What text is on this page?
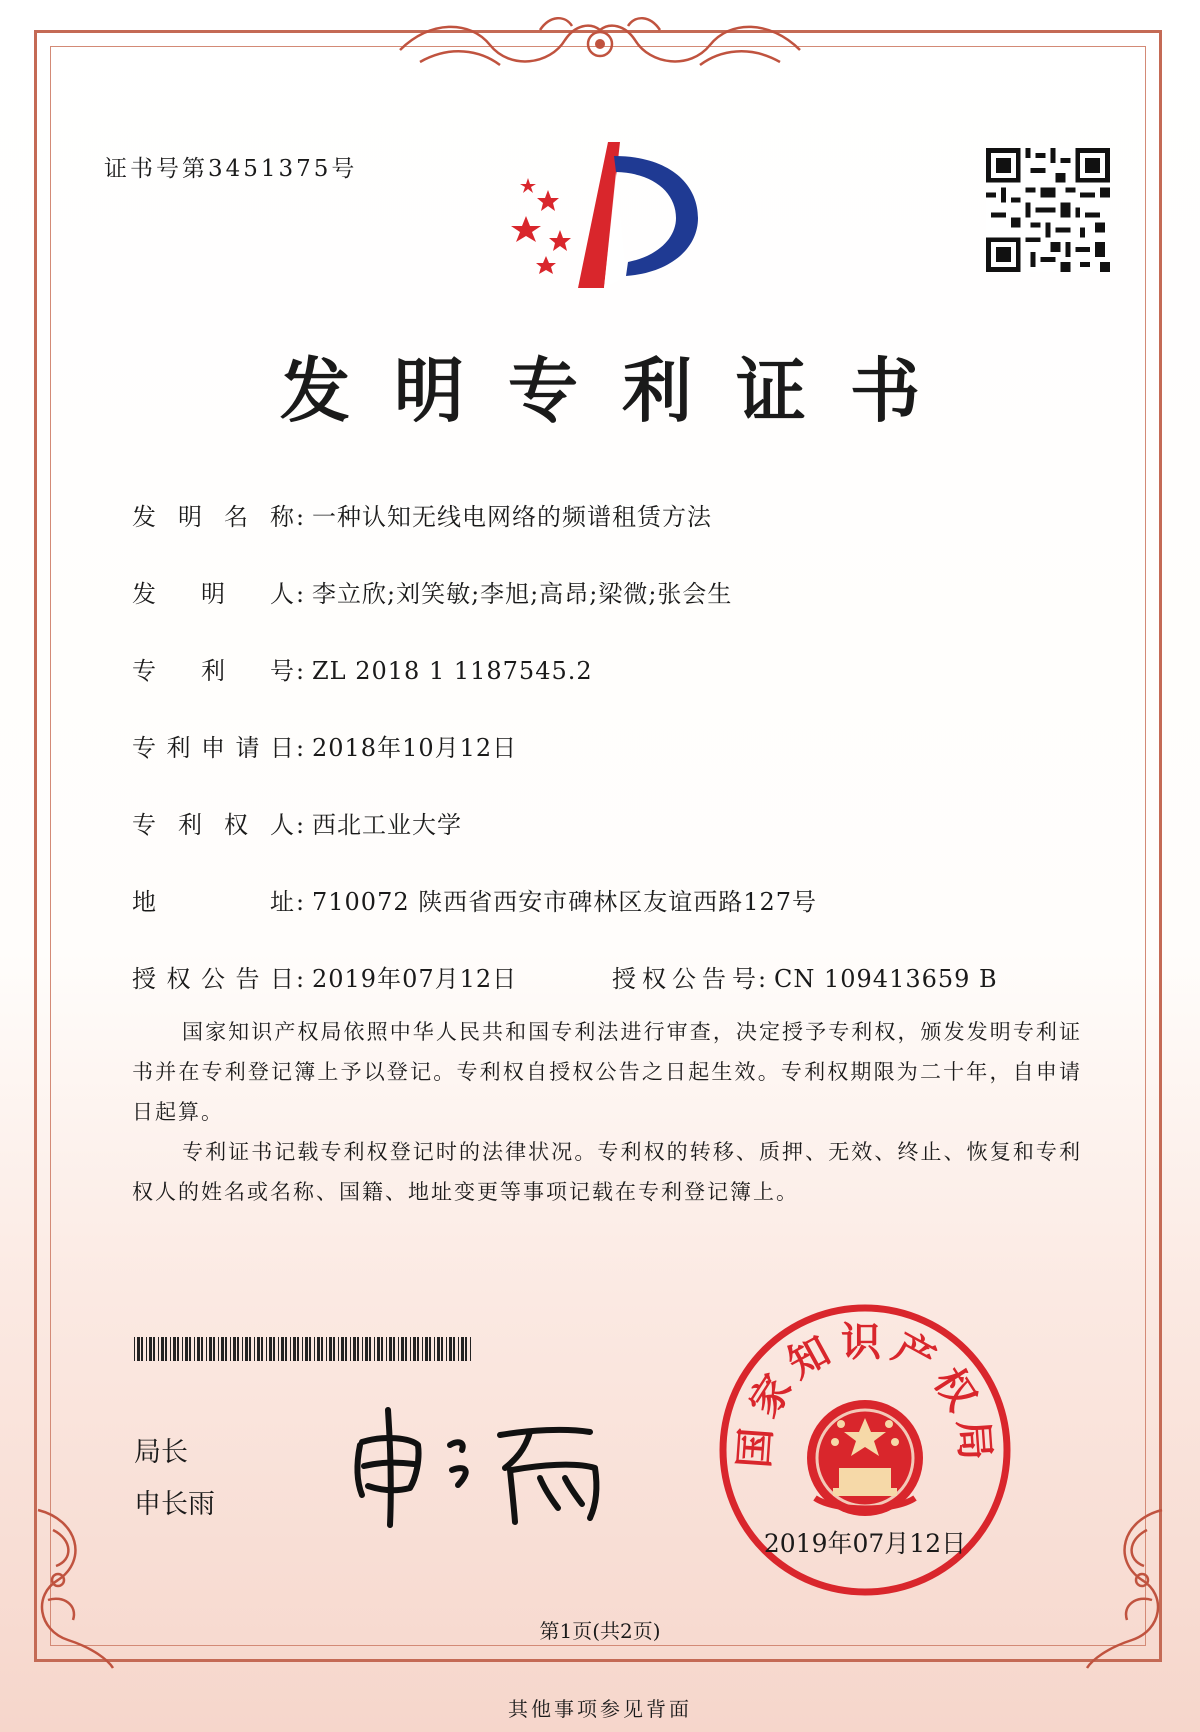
证书号第3451375号
发明专利证书
发明名称: 一种认知无线电网络的频谱租赁方法
发明人: 李立欣;刘笑敏;李旭;高昂;梁微;张会生
专利号: ZL 2018 1 1187545.2
专利申请日: 2018年10月12日
专利权人: 西北工业大学
地址: 710072 陕西省西安市碑林区友谊西路127号
授权公告日: 2019年07月12日	授权公告号: CN 109413659 B
国家知识产权局依照中华人民共和国专利法进行审查，决定授予专利权，颁发发明专利证书并在专利登记簿上予以登记。专利权自授权公告之日起生效。专利权期限为二十年，自申请日起算。
专利证书记载专利权登记时的法律状况。专利权的转移、质押、无效、终止、恢复和专利权人的姓名或名称、国籍、地址变更等事项记载在专利登记簿上。
局长
申长雨
国家知识产权局
2019年07月12日
第1页(共2页)
其他事项参见背面
